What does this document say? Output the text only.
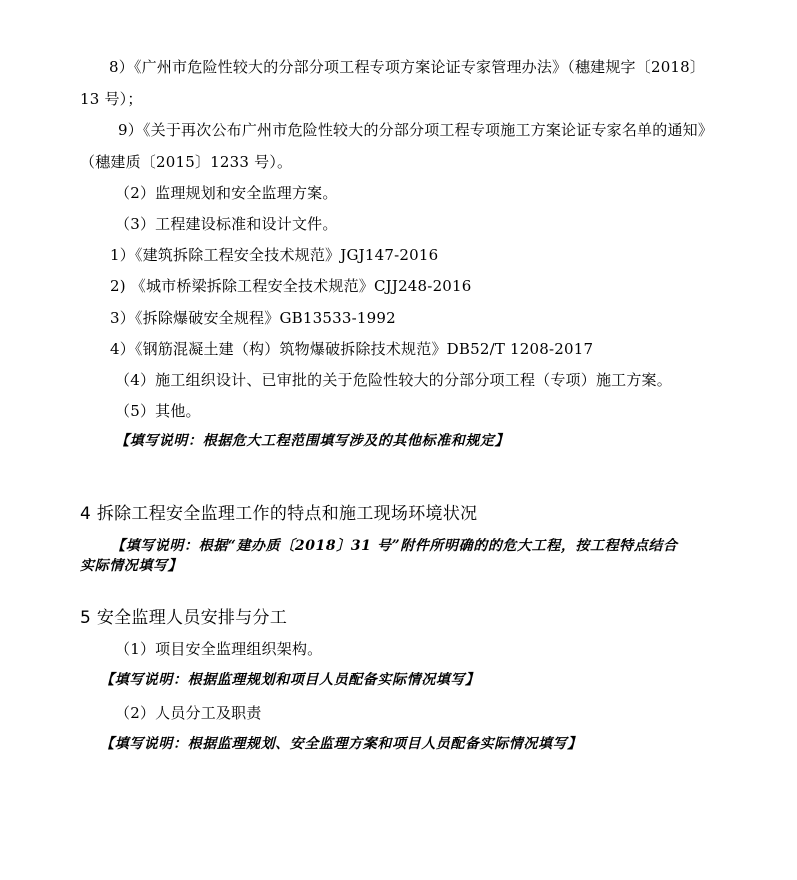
8）《广州市危险性较大的分部分项工程专项方案论证专家管理办法》（穗建规字〔2018〕
13 号）；
9）《关于再次公布广州市危险性较大的分部分项工程专项施工方案论证专家名单的通知》
（穗建质〔2015〕1233 号）。
（2）监理规划和安全监理方案。
（3）工程建设标准和设计文件。
1）《建筑拆除工程安全技术规范》JGJ147-2016
2) 《城市桥梁拆除工程安全技术规范》CJJ248-2016
3）《拆除爆破安全规程》GB13533-1992
4）《钢筋混凝土建（构）筑物爆破拆除技术规范》DB52/T 1208-2017
（4）施工组织设计、已审批的关于危险性较大的分部分项工程（专项）施工方案。
（5）其他。
【填写说明：根据危大工程范围填写涉及的其他标准和规定】
4 拆除工程安全监理工作的特点和施工现场环境状况
【填写说明：根据“建办质〔2018〕31 号”附件所明确的的危大工程，按工程特点结合
实际情况填写】
5 安全监理人员安排与分工
（1）项目安全监理组织架构。
【填写说明：根据监理规划和项目人员配备实际情况填写】
（2）人员分工及职责
【填写说明：根据监理规划、安全监理方案和项目人员配备实际情况填写】
